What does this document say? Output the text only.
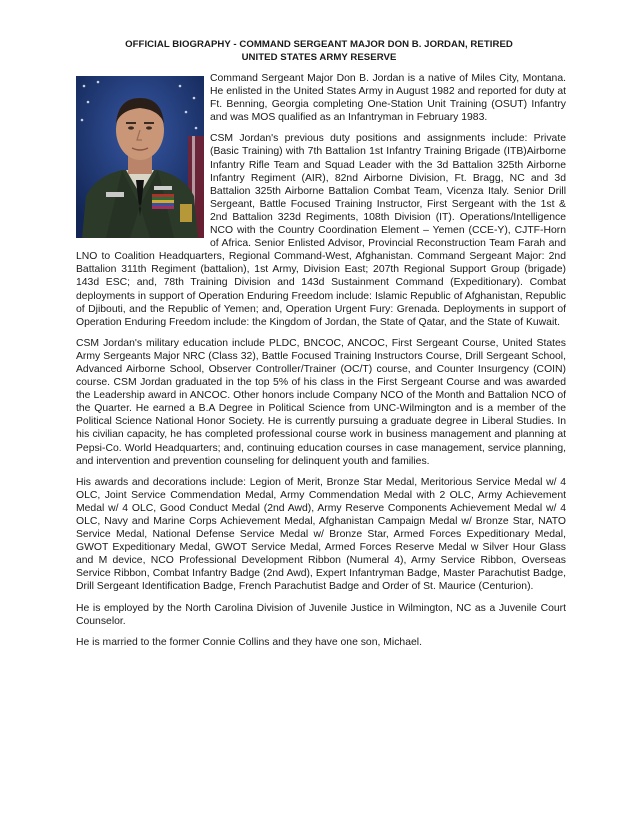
OFFICIAL BIOGRAPHY - COMMAND SERGEANT MAJOR DON B. JORDAN, RETIRED
UNITED STATES ARMY RESERVE

Command Sergeant Major Don B. Jordan is a native of Miles City, Montana. He enlisted in the United States Army in August 1982 and reported for duty at Ft. Benning, Georgia completing One-Station Unit Training (OSUT) Infantry and was MOS qualified as an Infantryman in February 1983.

CSM Jordan's previous duty positions and assignments include: Private (Basic Training) with 7th Battalion 1st Infantry Training Brigade (ITB)Airborne Infantry Rifle Team and Squad Leader with the 3d Battalion 325th Airborne Infantry Regiment (AIR), 82nd Airborne Division, Ft. Bragg, NC and 3d Battalion 325th Airborne Battalion Combat Team, Vicenza Italy. Senior Drill Sergeant, Battle Focused Training Instructor, First Sergeant with the 1st & 2nd Battalion 323d Regiments, 108th Division (IT). Operations/Intelligence NCO with the Country Coordination Element – Yemen (CCE-Y), CJTF-Horn of Africa. Senior Enlisted Advisor, Provincial Reconstruction Team Farah and LNO to Coalition Headquarters, Regional Command-West, Afghanistan. Command Sergeant Major: 2nd Battalion 311th Regiment (battalion), 1st Army, Division East; 207th Regional Support Group (brigade) 143d ESC; and, 78th Training Division and 143d Sustainment Command (Expeditionary). Combat deployments in support of Operation Enduring Freedom include: Islamic Republic of Afghanistan, Republic of Djibouti, and the Republic of Yemen; and, Operation Urgent Fury: Grenada. Deployments in support of Operation Enduring Freedom include: the Kingdom of Jordan, the State of Qatar, and the State of Kuwait.

CSM Jordan's military education include PLDC, BNCOC, ANCOC, First Sergeant Course, United States Army Sergeants Major NRC (Class 32), Battle Focused Training Instructors Course, Drill Sergeant School, Advanced Airborne School, Observer Controller/Trainer (OC/T) course, and Counter Insurgency (COIN) course. CSM Jordan graduated in the top 5% of his class in the First Sergeant Course and was awarded the Leadership award in ANCOC. Other honors include Company NCO of the Month and Battalion NCO of the Quarter. He earned a B.A Degree in Political Science from UNC-Wilmington and is a member of the Political Science National Honor Society. He is currently pursuing a graduate degree in Liberal Studies. In his civilian capacity, he has completed professional course work in business management and planning at Pepsi-Co. World Headquarters; and, continuing education courses in case management, service planning, and intervention and prevention counseling for delinquent youth and families.

His awards and decorations include: Legion of Merit, Bronze Star Medal, Meritorious Service Medal w/ 4 OLC, Joint Service Commendation Medal, Army Commendation Medal with 2 OLC, Army Achievement Medal w/ 4 OLC, Good Conduct Medal (2nd Awd), Army Reserve Components Achievement Medal w/ 4 OLC, Navy and Marine Corps Achievement Medal, Afghanistan Campaign Medal w/ Bronze Star, NATO Service Medal, National Defense Service Medal w/ Bronze Star, Armed Forces Expeditionary Medal, GWOT Expeditionary Medal, GWOT Service Medal, Armed Forces Reserve Medal w Silver Hour Glass and M device, NCO Professional Development Ribbon (Numeral 4), Army Service Ribbon, Overseas Service Ribbon, Combat Infantry Badge (2nd Awd), Expert Infantryman Badge, Master Parachutist Badge, Drill Sergeant Identification Badge, French Parachutist Badge and Order of St. Maurice (Centurion).

He is employed by the North Carolina Division of Juvenile Justice in Wilmington, NC as a Juvenile Court Counselor.

He is married to the former Connie Collins and they have one son, Michael.
